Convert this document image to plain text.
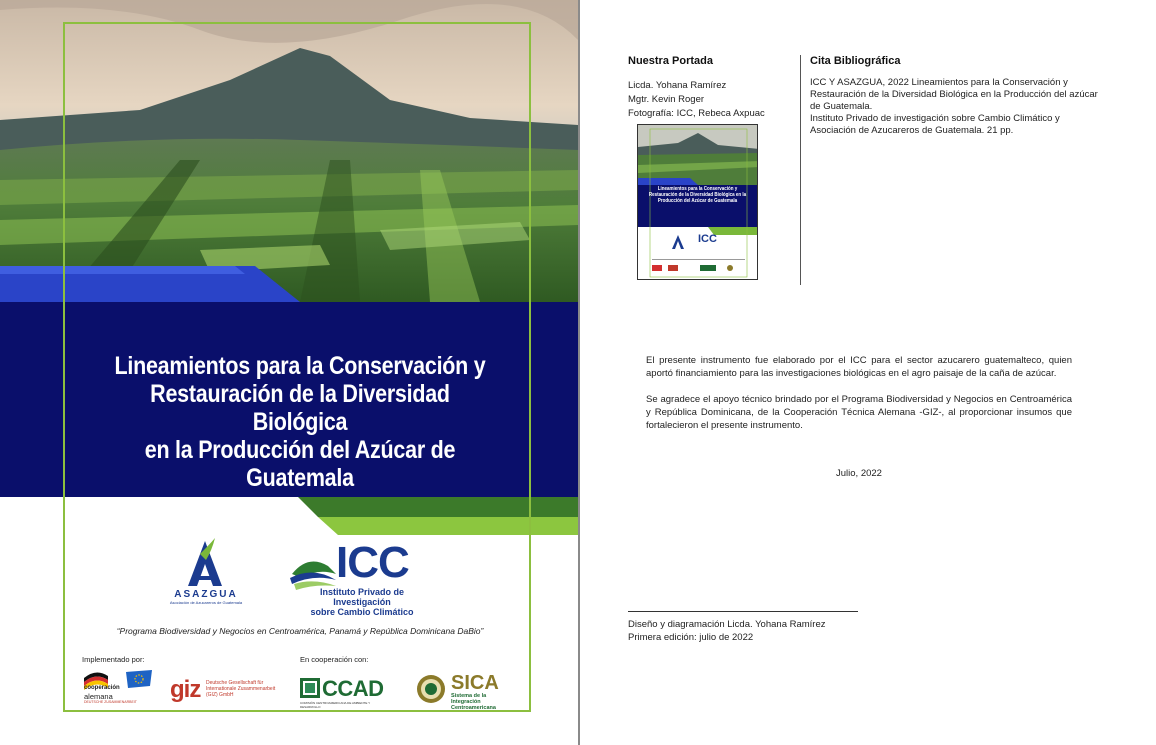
Lineamientos para la Conservación y
Restauración de la Diversidad Biológica
en la Producción del Azúcar de Guatemala
ASAZGUA
Asociación de Azucareros de Guatemala
ICC
Instituto Privado de Investigación
sobre Cambio Climático
“Programa Biodiversidad y Negocios en Centroamérica, Panamá y República Dominicana DaBio”
Implementado por:	En cooperación con:
cooperación
alemana
DEUTSCHE ZUSAMMENARBEIT giz Deutsche Gesellschaft für Internationale Zusammenarbeit (GIZ) GmbH	CCAD
COMISIÓN CENTROAMERICANA DE AMBIENTE Y DESARROLLO
SICA
Sistema de la Integración Centroamericana
Nuestra Portada
Licda. Yohana Ramírez
Mgtr. Kevin Roger
Fotografía: ICC, Rebeca Axpuac
Lineamientos para la Conservación y Restauración de la Diversidad Biológica en la Producción del Azúcar de Guatemala
ICC
Cita Bibliográfica
ICC Y ASAZGUA, 2022 Lineamientos para la Conservación y Restauración de la Diversidad Biológica en la Producción del azúcar de Guatemala.
Instituto Privado de investigación sobre Cambio Climático y Asociación de Azucareros de Guatemala. 21 pp.

El presente instrumento fue elaborado por el ICC para el sector azucarero guatemalteco, quien aportó financiamiento para las investigaciones biológicas en el agro paisaje de la caña de azúcar.

Se agradece el apoyo técnico brindado por el Programa Biodiversidad y Negocios en Centroamérica y República Dominicana, de la Cooperación Técnica Alemana -GIZ-, al proporcionar insumos que fortalecieron el presente instrumento.

Julio, 2022
Diseño y diagramación Licda. Yohana Ramírez
Primera edición: julio de 2022
